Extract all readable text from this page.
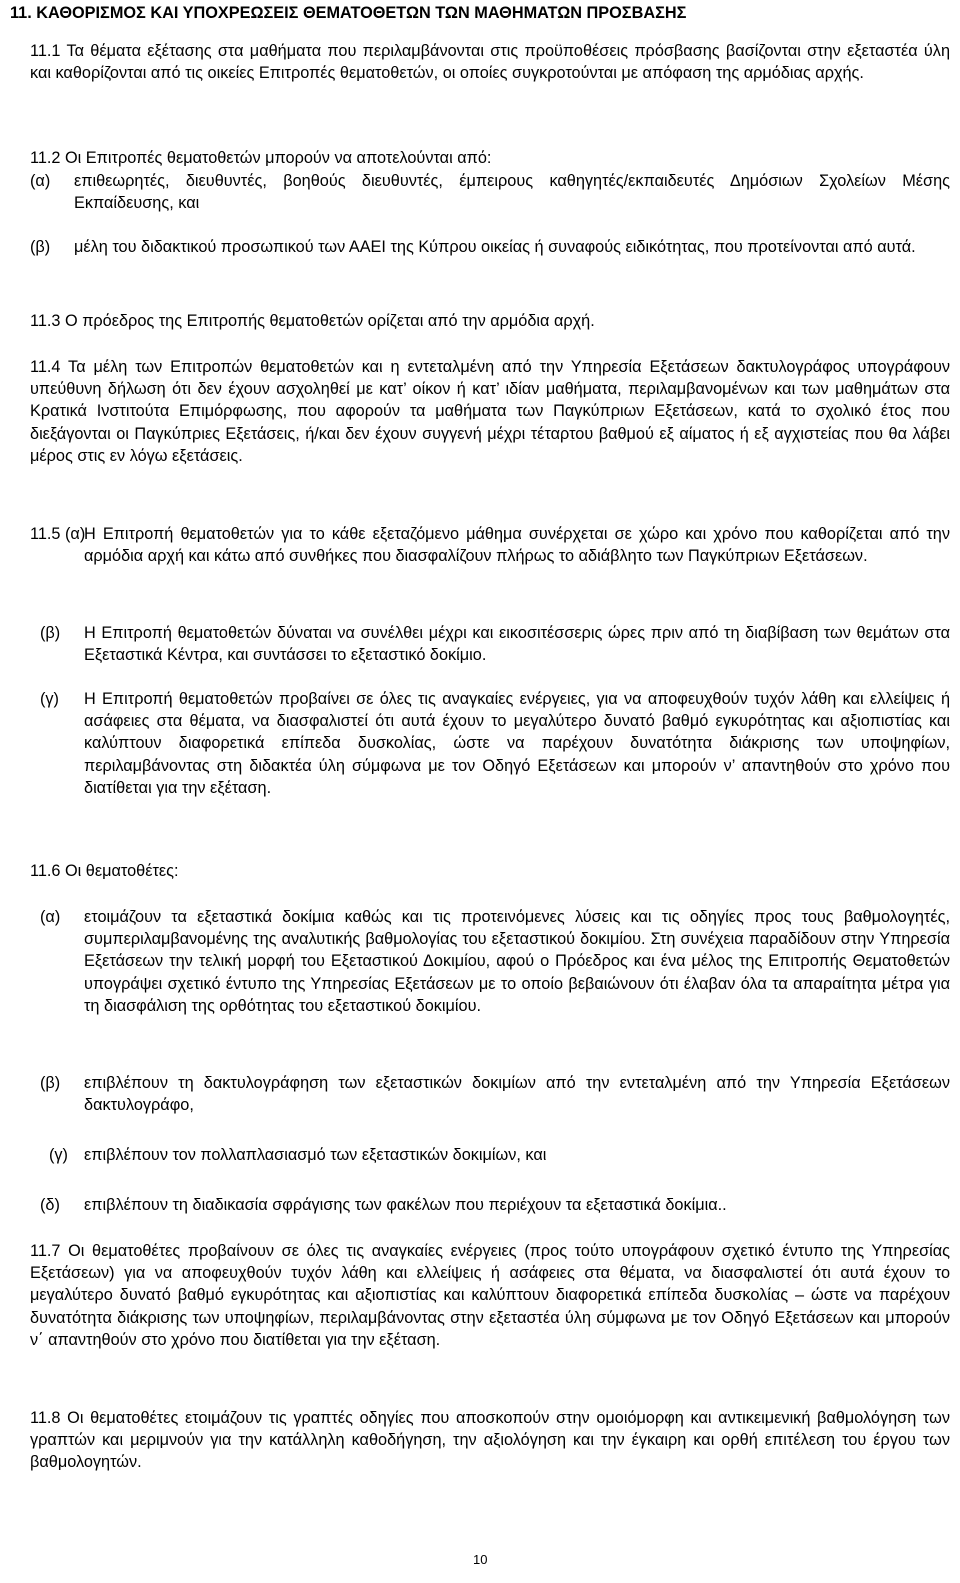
11. ΚΑΘΟΡΙΣΜΟΣ ΚΑΙ ΥΠΟΧΡΕΩΣΕΙΣ ΘΕΜΑΤΟΘΕΤΩΝ ΤΩΝ ΜΑΘΗΜΑΤΩΝ ΠΡΟΣΒΑΣΗΣ

11.1 Τα θέματα εξέτασης στα μαθήματα που περιλαμβάνονται στις προϋποθέσεις πρόσβασης βασίζονται στην εξεταστέα ύλη και καθορίζονται από τις οικείες Επιτροπές θεματοθετών, οι οποίες συγκροτούνται με απόφαση της αρμόδιας αρχής.

11.2 Οι Επιτροπές θεματοθετών μπορούν να αποτελούνται από:
(α) επιθεωρητές, διευθυντές, βοηθούς διευθυντές, έμπειρους καθηγητές/εκπαιδευτές Δημόσιων Σχολείων Μέσης Εκπαίδευσης, και
(β) μέλη του διδακτικού προσωπικού των ΑΑΕΙ της Κύπρου οικείας ή συναφούς ειδικότητας, που προτείνονται από αυτά.
11.3 Ο πρόεδρος της Επιτροπής θεματοθετών ορίζεται από την αρμόδια αρχή.

11.4 Τα μέλη των Επιτροπών θεματοθετών και η εντεταλμένη από την Υπηρεσία Εξετάσεων δακτυλογράφος υπογράφουν υπεύθυνη δήλωση ότι δεν έχουν ασχοληθεί με κατ’ οίκον ή κατ’ ιδίαν μαθήματα, περιλαμβανομένων και των μαθημάτων στα Κρατικά Ινστιτούτα Επιμόρφωσης, που αφορούν τα μαθήματα των Παγκύπριων Εξετάσεων, κατά το σχολικό έτος που διεξάγονται οι Παγκύπριες Εξετάσεις, ή/και δεν έχουν συγγενή μέχρι τέταρτου βαθμού εξ αίματος ή εξ αγχιστείας που θα λάβει μέρος στις εν λόγω εξετάσεις.

11.5 (α)
Η Επιτροπή θεματοθετών για το κάθε εξεταζόμενο μάθημα συνέρχεται σε χώρο και χρόνο που καθορίζεται από την αρμόδια αρχή και κάτω από συνθήκες που διασφαλίζουν πλήρως το αδιάβλητο των Παγκύπριων Εξετάσεων.
(β) Η Επιτροπή θεματοθετών δύναται να συνέλθει μέχρι και εικοσιτέσσερις ώρες πριν από τη διαβίβαση των θεμάτων στα Εξεταστικά Κέντρα, και συντάσσει το εξεταστικό δοκίμιο.
(γ) Η Επιτροπή θεματοθετών προβαίνει σε όλες τις αναγκαίες ενέργειες, για να αποφευχθούν τυχόν λάθη και ελλείψεις ή ασάφειες στα θέματα, να διασφαλιστεί ότι αυτά έχουν το μεγαλύτερο δυνατό βαθμό εγκυρότητας και αξιοπιστίας και καλύπτουν διαφορετικά επίπεδα δυσκολίας, ώστε να παρέχουν δυνατότητα διάκρισης των υποψηφίων, περιλαμβάνοντας στη διδακτέα ύλη σύμφωνα με τον Οδηγό Εξετάσεων και μπορούν ν’ απαντηθούν στο χρόνο που διατίθεται για την εξέταση.
11.6 Οι θεματοθέτες:
(α) ετοιμάζουν τα εξεταστικά δοκίμια καθώς και τις προτεινόμενες λύσεις και τις οδηγίες προς τους βαθμολογητές, συμπεριλαμβανομένης της αναλυτικής βαθμολογίας του εξεταστικού δοκιμίου. Στη συνέχεια παραδίδουν στην Υπηρεσία Εξετάσεων την τελική μορφή του Εξεταστικού Δοκιμίου, αφού ο Πρόεδρος και ένα μέλος της Επιτροπής Θεματοθετών υπογράψει σχετικό έντυπο της Υπηρεσίας Εξετάσεων με το οποίο βεβαιώνουν ότι έλαβαν όλα τα απαραίτητα μέτρα για τη διασφάλιση της ορθότητας του εξεταστικού δοκιμίου.
(β) επιβλέπουν τη δακτυλογράφηση των εξεταστικών δοκιμίων από την εντεταλμένη από την Υπηρεσία Εξετάσεων δακτυλογράφο,
(γ) επιβλέπουν τον πολλαπλασιασμό των εξεταστικών δοκιμίων, και
(δ) επιβλέπουν τη διαδικασία σφράγισης των φακέλων που περιέχουν τα εξεταστικά δοκίμια..

11.7 Οι θεματοθέτες προβαίνουν σε όλες τις αναγκαίες ενέργειες (προς τούτο υπογράφουν σχετικό έντυπο της Υπηρεσίας Εξετάσεων) για να αποφευχθούν τυχόν λάθη και ελλείψεις ή ασάφειες στα θέματα, να διασφαλιστεί ότι αυτά έχουν το μεγαλύτερο δυνατό βαθμό εγκυρότητας και αξιοπιστίας και καλύπτουν διαφορετικά επίπεδα δυσκολίας – ώστε να παρέχουν δυνατότητα διάκρισης των υποψηφίων, περιλαμβάνοντας στην εξεταστέα ύλη σύμφωνα με τον Οδηγό Εξετάσεων και μπορούν ν΄ απαντηθούν στο χρόνο που διατίθεται για την εξέταση.

11.8 Οι θεματοθέτες ετοιμάζουν τις γραπτές οδηγίες που αποσκοπούν στην ομοιόμορφη και αντικειμενική βαθμολόγηση των γραπτών και μεριμνούν για την κατάλληλη καθοδήγηση, την αξιολόγηση και την έγκαιρη και ορθή επιτέλεση του έργου των βαθμολογητών.

10
